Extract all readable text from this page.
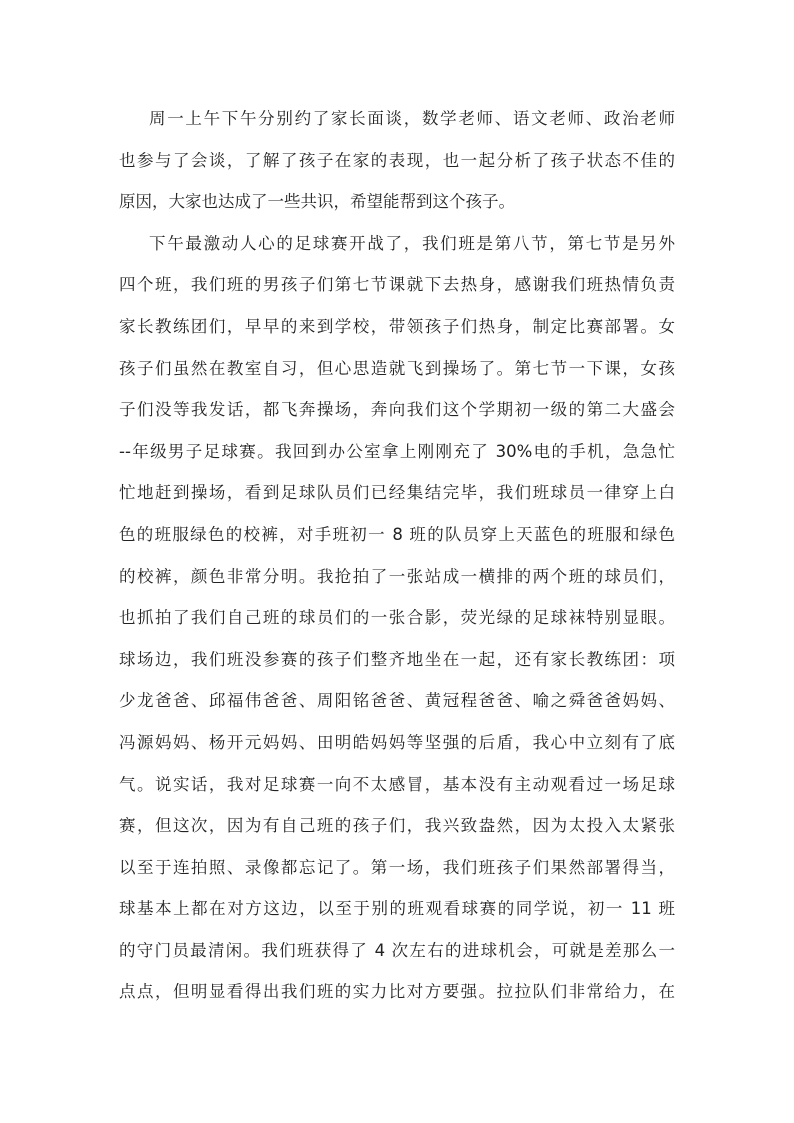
周一上午下午分别约了家长面谈，数学老师、语文老师、政治老师
也参与了会谈，了解了孩子在家的表现，也一起分析了孩子状态不佳的
原因，大家也达成了一些共识，希望能帮到这个孩子。
下午最激动人心的足球赛开战了，我们班是第八节，第七节是另外
四个班，我们班的男孩子们第七节课就下去热身，感谢我们班热情负责
家长教练团们，早早的来到学校，带领孩子们热身，制定比赛部署。女
孩子们虽然在教室自习，但心思造就飞到操场了。第七节一下课，女孩
子们没等我发话，都飞奔操场，奔向我们这个学期初一级的第二大盛会
--年级男子足球赛。我回到办公室拿上刚刚充了 30%电的手机，急急忙
忙地赶到操场，看到足球队员们已经集结完毕，我们班球员一律穿上白
色的班服绿色的校裤，对手班初一 8 班的队员穿上天蓝色的班服和绿色
的校裤，颜色非常分明。我抢拍了一张站成一横排的两个班的球员们，
也抓拍了我们自己班的球员们的一张合影，荧光绿的足球袜特别显眼。
球场边，我们班没参赛的孩子们整齐地坐在一起，还有家长教练团：项
少龙爸爸、邱福伟爸爸、周阳铭爸爸、黄冠程爸爸、喻之舜爸爸妈妈、
冯源妈妈、杨开元妈妈、田明皓妈妈等坚强的后盾，我心中立刻有了底
气。说实话，我对足球赛一向不太感冒，基本没有主动观看过一场足球
赛，但这次，因为有自己班的孩子们，我兴致盎然，因为太投入太紧张
以至于连拍照、录像都忘记了。第一场，我们班孩子们果然部署得当，
球基本上都在对方这边，以至于别的班观看球赛的同学说，初一 11 班
的守门员最清闲。我们班获得了 4 次左右的进球机会，可就是差那么一
点点，但明显看得出我们班的实力比对方要强。拉拉队们非常给力，在
